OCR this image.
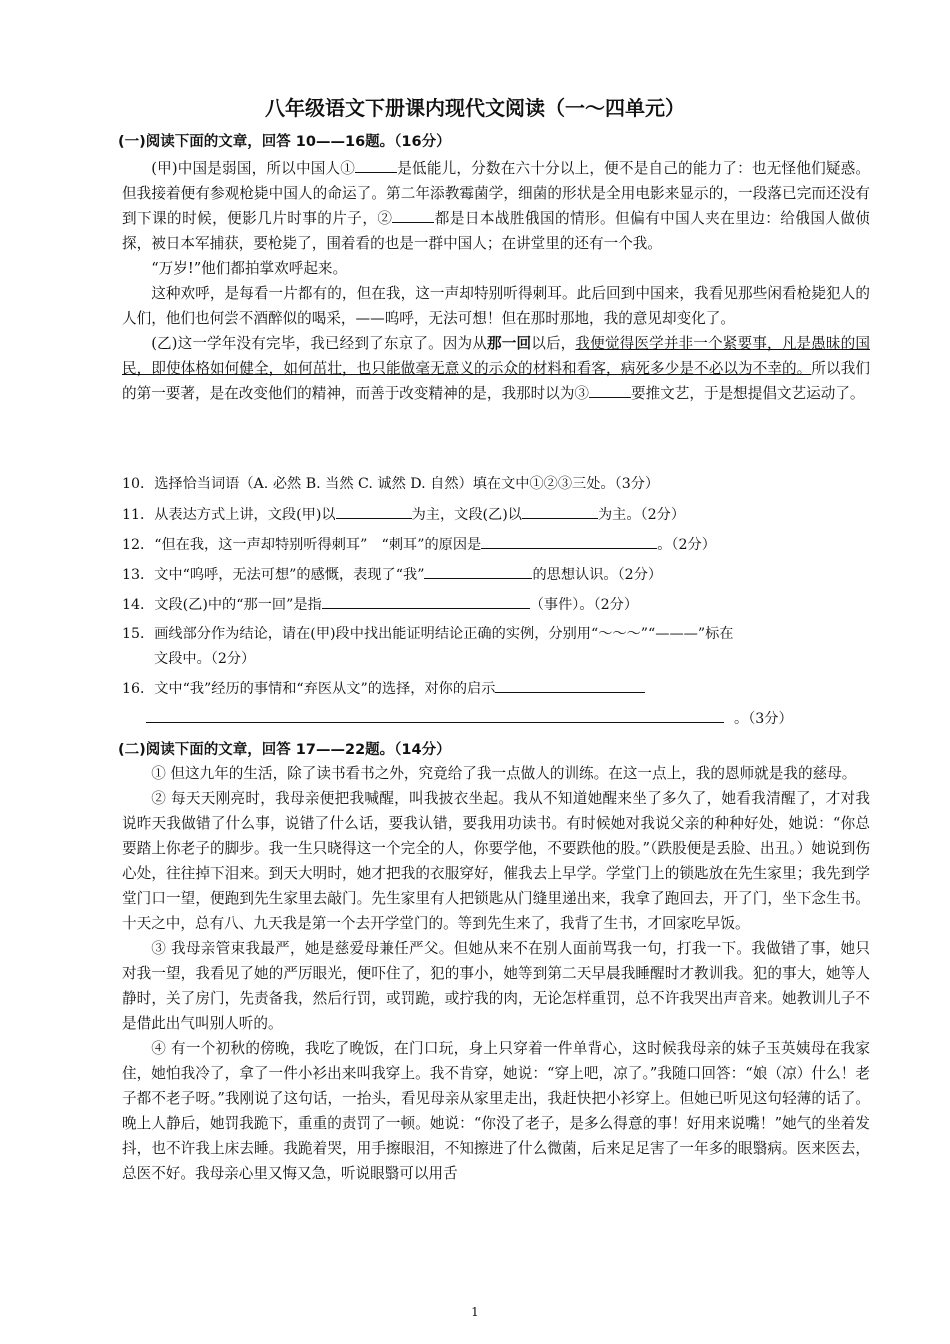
八年级语文下册课内现代文阅读（一～四单元）
(一)阅读下面的文章，回答 10——16题。（16分）

(甲)中国是弱国，所以中国人①	是低能儿，分数在六十分以上，便不是自己的能力了：也无怪他们疑惑。但我接着便有参观枪毙中国人的命运了。第二年添教霉菌学，细菌的形状是全用电影来显示的，一段落已完而还没有到下课的时候，便影几片时事的片子，②	都是日本战胜俄国的情形。但偏有中国人夹在里边：给俄国人做侦探，被日本军捕获，要枪毙了，围着看的也是一群中国人；在讲堂里的还有一个我。

“万岁!”他们都拍掌欢呼起来。

这种欢呼，是每看一片都有的，但在我，这一声却特别听得刺耳。此后回到中国来，我看见那些闲看枪毙犯人的人们，他们也何尝不酒醉似的喝采，——呜呼，无法可想！但在那时那地，我的意见却变化了。

(乙)这一学年没有完毕，我已经到了东京了。因为从那一回以后，我便觉得医学并非一个紧要事，凡是愚昧的国民，即使体格如何健全，如何茁壮，也只能做毫无意义的示众的材料和看客，病死多少是不必以为不幸的。所以我们的第一要著，是在改变他们的精神，而善于改变精神的是，我那时以为③	要推文艺，于是想提倡文艺运动了。

10．选择恰当词语（A. 必然 B. 当然 C. 诚然 D. 自然）填在文中①②③三处。（3分）
11．从表达方式上讲，文段(甲)以	为主，文段(乙)以	为主。（2分）
12．“但在我，这一声却特别听得刺耳”　“刺耳”的原因是	。（2分）
13．文中“呜呼，无法可想”的感慨，表现了“我”	的思想认识。（2分）
14．文段(乙)中的“那一回”是指	（事件）。（2分）
15．画线部分作为结论，请在(甲)段中找出能证明结论正确的实例，分别用“～～～”“———”标在
文段中。（2分）
16．文中“我”经历的事情和“弃医从文”的选择，对你的启示
。（3分）
(二)阅读下面的文章，回答 17——22题。（14分）

① 但这九年的生活，除了读书看书之外，究竟给了我一点做人的训练。在这一点上，我的恩师就是我的慈母。

② 每天天刚亮时，我母亲便把我喊醒，叫我披衣坐起。我从不知道她醒来坐了多久了，她看我清醒了，才对我说昨天我做错了什么事，说错了什么话，要我认错，要我用功读书。有时候她对我说父亲的种种好处，她说：“你总要踏上你老子的脚步。我一生只晓得这一个完全的人，你要学他，不要跌他的股。”（跌股便是丢脸、出丑。）她说到伤心处，往往掉下泪来。到天大明时，她才把我的衣服穿好，催我去上早学。学堂门上的锁匙放在先生家里；我先到学堂门口一望，便跑到先生家里去敲门。先生家里有人把锁匙从门缝里递出来，我拿了跑回去，开了门，坐下念生书。十天之中，总有八、九天我是第一个去开学堂门的。等到先生来了，我背了生书，才回家吃早饭。

③ 我母亲管束我最严，她是慈爱母兼任严父。但她从来不在别人面前骂我一句，打我一下。我做错了事，她只对我一望，我看见了她的严厉眼光，便吓住了，犯的事小，她等到第二天早晨我睡醒时才教训我。犯的事大，她等人静时，关了房门，先责备我，然后行罚，或罚跪，或拧我的肉，无论怎样重罚，总不许我哭出声音来。她教训儿子不是借此出气叫别人听的。

④ 有一个初秋的傍晚，我吃了晚饭，在门口玩，身上只穿着一件单背心，这时候我母亲的妹子玉英姨母在我家住，她怕我冷了，拿了一件小衫出来叫我穿上。我不肯穿，她说：“穿上吧，凉了。”我随口回答：“娘（凉）什么！老子都不老子呀。”我刚说了这句话，一抬头，看见母亲从家里走出，我赶快把小衫穿上。但她已听见这句轻薄的话了。晚上人静后，她罚我跪下，重重的责罚了一顿。她说：“你没了老子，是多么得意的事！好用来说嘴！”她气的坐着发抖，也不许我上床去睡。我跪着哭，用手擦眼泪，不知擦进了什么微菌，后来足足害了一年多的眼翳病。医来医去，总医不好。我母亲心里又悔又急，听说眼翳可以用舌

1
